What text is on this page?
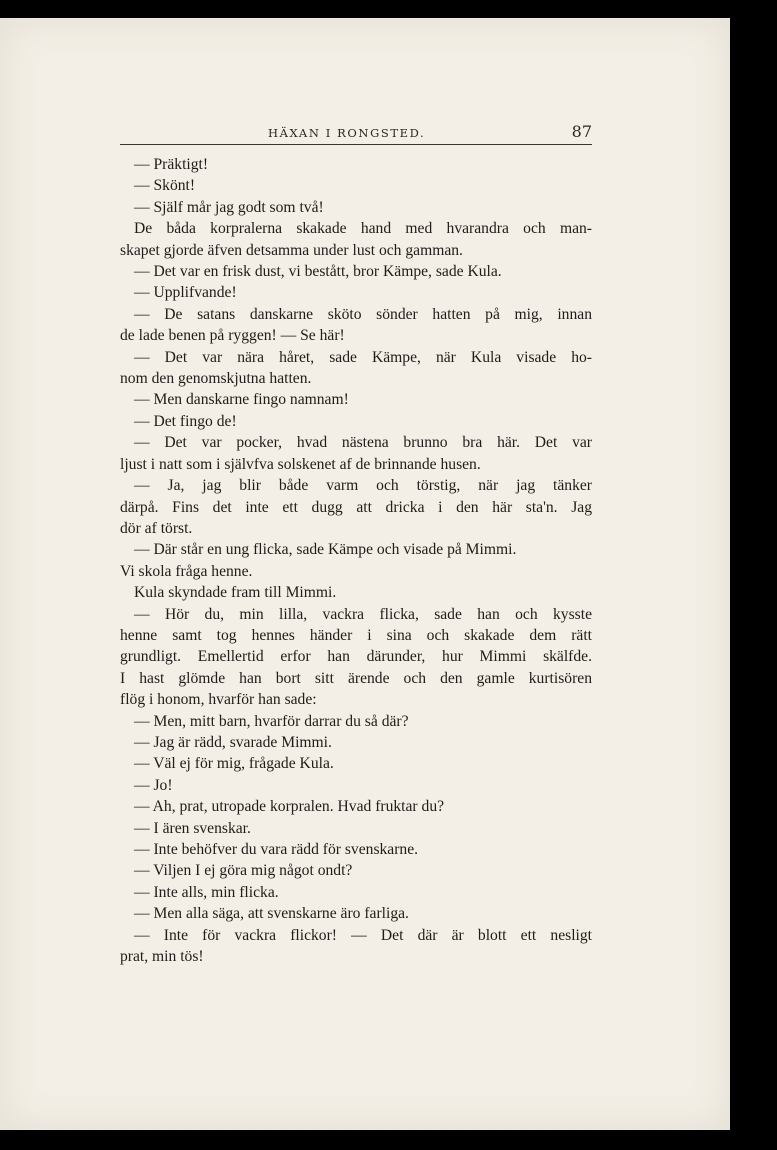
HÄXAN I RONGSTED.	87
— Präktigt!
— Skönt!
— Själf mår jag godt som två!
De båda korpralerna skakade hand med hvarandra och man-
skapet gjorde äfven detsamma under lust och gamman.
— Det var en frisk dust, vi bestått, bror Kämpe, sade Kula.
— Upplifvande!
— De satans danskarne sköto sönder hatten på mig, innan
de lade benen på ryggen! — Se här!
— Det var nära håret, sade Kämpe, när Kula visade ho-
nom den genomskjutna hatten.
— Men danskarne fingo namnam!
— Det fingo de!
— Det var pocker, hvad nästena brunno bra här. Det var
ljust i natt som i självfva solskenet af de brinnande husen.
— Ja, jag blir både varm och törstig, när jag tänker
därpå. Fins det inte ett dugg att dricka i den här sta'n. Jag
dör af törst.
— Där står en ung flicka, sade Kämpe och visade på Mimmi.
Vi skola fråga henne.
Kula skyndade fram till Mimmi.
— Hör du, min lilla, vackra flicka, sade han och kysste
henne samt tog hennes händer i sina och skakade dem rätt
grundligt. Emellertid erfor han därunder, hur Mimmi skälfde.
I hast glömde han bort sitt ärende och den gamle kurtisören
flög i honom, hvarför han sade:
— Men, mitt barn, hvarför darrar du så där?
— Jag är rädd, svarade Mimmi.
— Väl ej för mig, frågade Kula.
— Jo!
— Ah, prat, utropade korpralen. Hvad fruktar du?
— I ären svenskar.
— Inte behöfver du vara rädd för svenskarne.
— Viljen I ej göra mig något ondt?
— Inte alls, min flicka.
— Men alla säga, att svenskarne äro farliga.
— Inte för vackra flickor! — Det där är blott ett nesligt
prat, min tös!
